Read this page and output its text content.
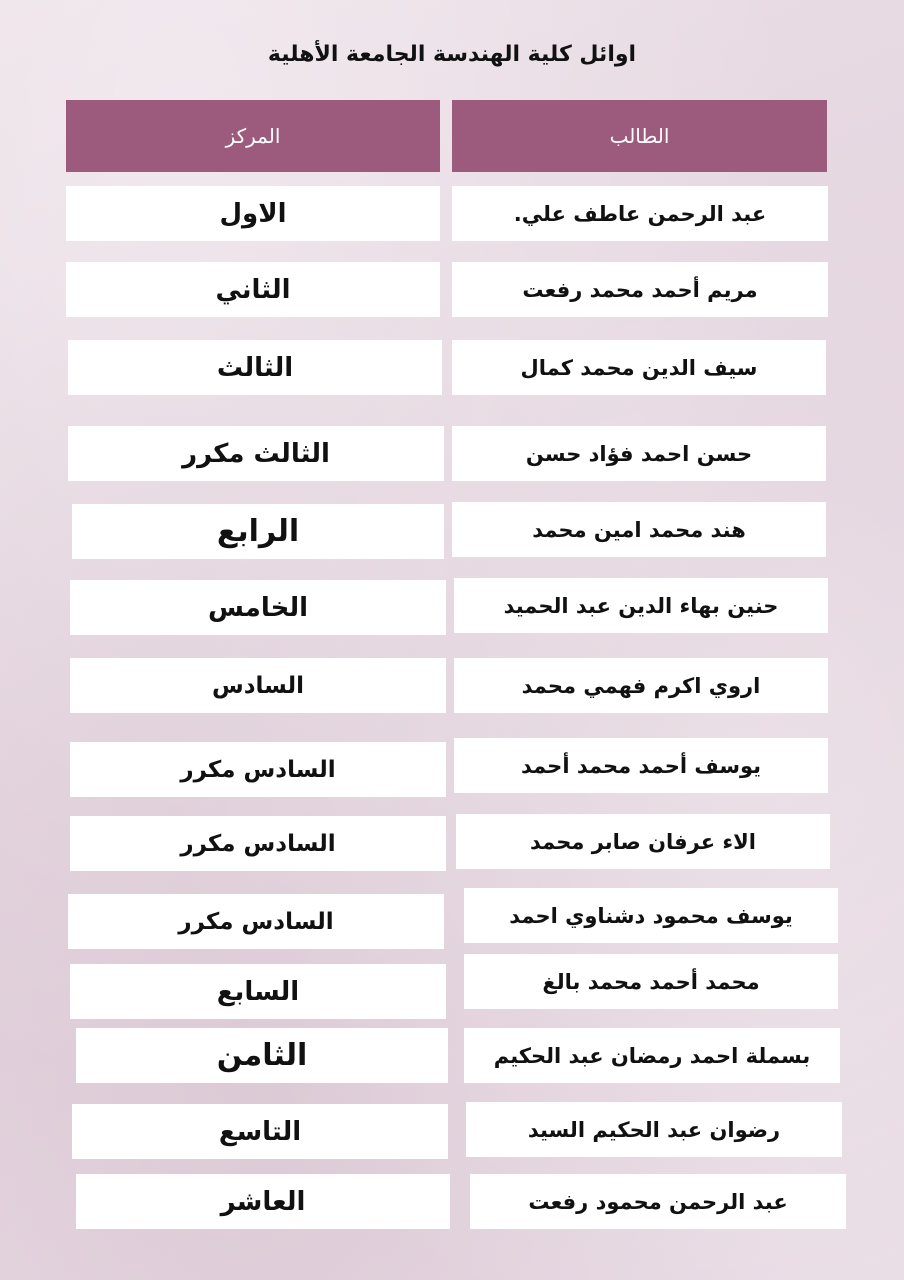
اوائل كلية الهندسة الجامعة الأهلية
المركز	الطالب
الاول	عبد الرحمن عاطف علي.
الثاني	مريم أحمد محمد رفعت
الثالث	سيف الدين محمد كمال
الثالث مكرر	حسن احمد فؤاد حسن
الرابع	هند محمد امين محمد
الخامس	حنين بهاء الدين عبد الحميد
السادس	اروي اكرم فهمي محمد
السادس مكرر	يوسف أحمد محمد أحمد
السادس مكرر	الاء عرفان صابر محمد
السادس مكرر	يوسف محمود دشناوي احمد
السابع	محمد أحمد محمد بالغ
الثامن	بسملة احمد رمضان عبد الحكيم
التاسع	رضوان عبد الحكيم السيد
العاشر	عبد الرحمن محمود رفعت
